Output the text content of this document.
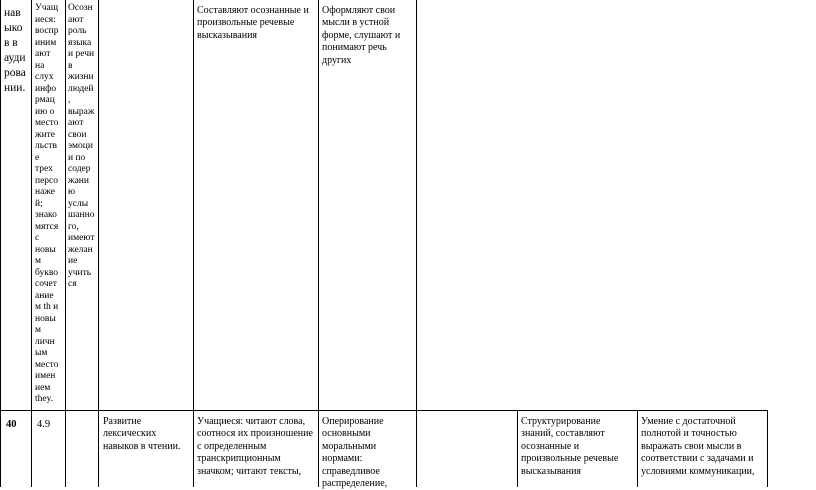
нав
ыко
в в
ауди
рова
нии.
Учащ
иеся:
воспр
иним
ают
на
слух
инфо
рмац
ию о
место
жите
льств
е
трех
персо
наже
й;
знако
мятся
с
новы
м
букво
сочет
ание
м th и
новы
м
личн
ым
место
имен
ием
they.
Осозн
ают
роль
языка
и речи
в
жизни
людей
,
выраж
ают
свои
эмоци
и по
содер
жани
ю
услы
шанно
го,
имеют
желан
ие
учить
ся
Составляют осознанные и
произвольные речевые
высказывания
Оформляют свои
мысли в устной
форме, слушают и
понимают речь
других
40	4.9	Развитие
лексических
навыков в чтении.
Учащиеся: читают слова,
соотнося их произношение
с определенным
транскрипционным
значком; читают тексты,
Оперирование
основными
моральными
нормами:
справедливое
распределение,
Структурирование
знаний, составляют
осознанные и
произвольные речевые
высказывания
Умение с достаточной
полнотой и точностью
выражать свои мысли в
соответствии с задачами и
условиями коммуникации,
